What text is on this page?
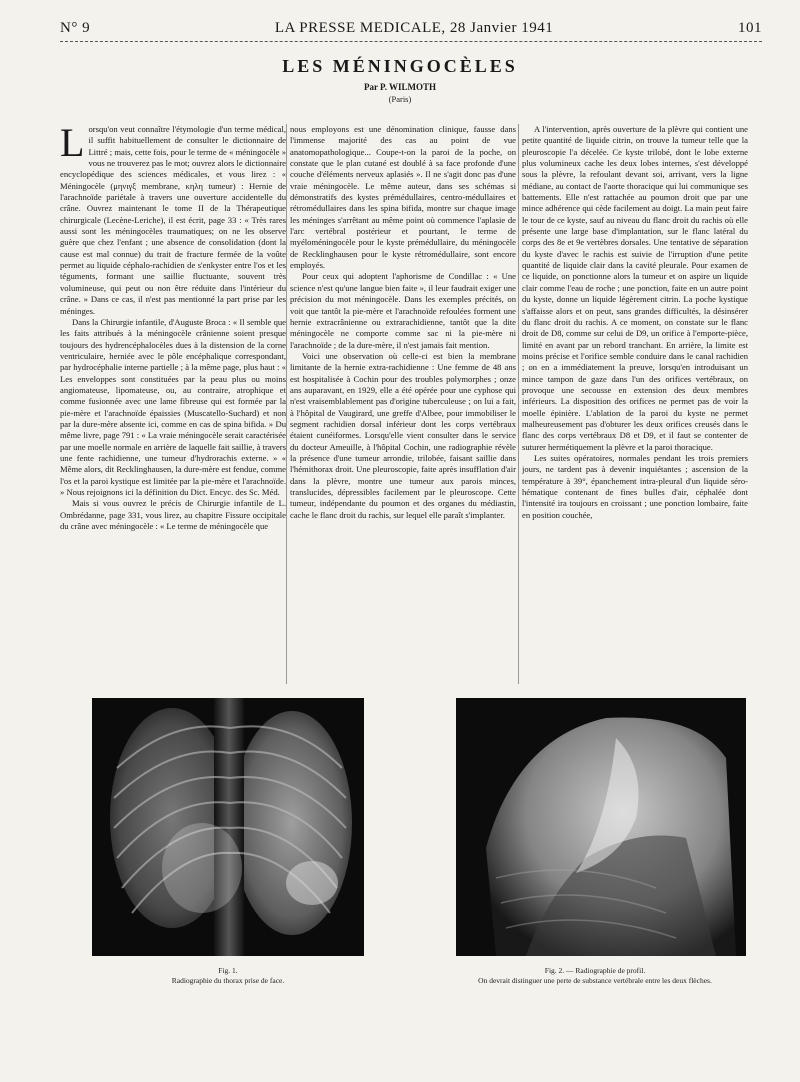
N° 9	LA PRESSE MEDICALE, 28 Janvier 1941	101
LES MÉNINGOCÈLES
Par P. WILMOTH
(Paris)

Lorsqu'on veut connaître l'étymologie d'un terme médical, il suffit habituellement de consulter le dictionnaire de Littré ; mais, cette fois, pour le terme de « méningocèle » vous ne trouverez pas le mot; ouvrez alors le dictionnaire encyclopédique des sciences médicales, et vous lirez : « Méningocèle (μηνιγξ membrane, κηλη tumeur) : Hernie de l'arachnoïde pariétale à travers une ouverture accidentelle du crâne. Ouvrez maintenant le tome II de la Thérapeutique chirurgicale (Lecène-Leriche), il est écrit, page 33 : « Très rares aussi sont les méningocèles traumatiques; on ne les observe guère que chez l'enfant ; une absence de consolidation (dont la cause est mal connue) du trait de fracture fermée de la voûte permet au liquide céphalo-rachidien de s'enkyster entre l'os et les téguments, formant une saillie fluctuante, souvent très volumineuse, qui peut ou non être réduite dans l'intérieur du crâne. » Dans ce cas, il n'est pas mentionné la part prise par les méninges.

Dans la Chirurgie infantile, d'Auguste Broca : « Il semble que les faits attribués à la méningocèle crânienne soient presque toujours des hydrencéphalocèles dues à la distension de la corne ventriculaire, herniée avec le pôle encéphalique correspondant, par hydrocéphalie interne partielle ; à la même page, plus haut : « Les enveloppes sont constituées par la peau plus ou moins angiomateuse, lipomateuse, ou, au contraire, atrophique et comme fusionnée avec une lame fibreuse qui est formée par la pie-mère et l'arachnoïde épaissies (Muscatello-Suchard) et non par la dure-mère absente ici, comme en cas de spina bifida. » Du même livre, page 791 : « La vraie méningocèle serait caractérisée par une moelle normale en arrière de laquelle fait saillie, à travers une fente rachidienne, une tumeur d'hydrorachis externe. » « Même alors, dit Recklinghausen, la dure-mère est fendue, comme l'os et la paroi kystique est limitée par la pie-mère et l'arachnoïde. » Nous rejoignons ici la définition du Dict. Encyc. des Sc. Méd.

Mais si vous ouvrez le précis de Chirurgie infantile de L. Ombrédanne, page 331, vous lirez, au chapitre Fissure occipitale du crâne avec méningocèle : « Le terme de méningocèle que

nous employons est une dénomination clinique, fausse dans l'immense majorité des cas au point de vue anatomopathologique... Coupe-t-on la paroi de la poche, on constate que le plan cutané est doublé à sa face profonde d'une couche d'éléments nerveux aplasiés ». Il ne s'agit donc pas d'une vraie méningocèle. Le même auteur, dans ses schémas si démonstratifs des kystes prémédullaires, centro-médullaires et rétromédullaires dans les spina bifida, montre sur chaque image les méninges s'arrêtant au même point où commence l'aplasie de l'arc vertébral postérieur et pourtant, le terme de myéloméningocèle pour le kyste prémédullaire, du méningocèle de Recklinghausen pour le kyste rétromédullaire, sont encore employés.

Pour ceux qui adoptent l'aphorisme de Condillac : « Une science n'est qu'une langue bien faite », il leur faudrait exiger une précision du mot méningocèle. Dans les exemples précités, on voit que tantôt la pie-mère et l'arachnoïde refoulées forment une hernie extracrânienne ou extrarachidienne, tantôt que la dite méningocèle ne comporte comme sac ni la pie-mère ni l'arachnoïde ; de la dure-mère, il n'est jamais fait mention.

Voici une observation où celle-ci est bien la membrane limitante de la hernie extra-rachidienne : Une femme de 48 ans est hospitalisée à Cochin pour des troubles polymorphes ; onze ans auparavant, en 1929, elle a été opérée pour une cyphose qui n'est vraisemblablement pas d'origine tuberculeuse ; on lui a fait, à l'hôpital de Vaugirard, une greffe d'Albee, pour immobiliser le segment rachidien dorsal inférieur dont les corps vertébraux étaient cunéiformes. Lorsqu'elle vient consulter dans le service du docteur Ameuille, à l'hôpital Cochin, une radiographie révèle la présence d'une tumeur arrondie, trilobée, faisant saillie dans l'hémithorax droit. Une pleuroscopie, faite après insufflation d'air dans la plèvre, montre une tumeur aux parois minces, translucides, dépressibles facilement par le pleuroscope. Cette tumeur, indépendante du poumon et des organes du médiastin, cache le flanc droit du rachis, sur lequel elle paraît s'implanter.

A l'intervention, après ouverture de la plèvre qui contient une petite quantité de liquide citrin, on trouve la tumeur telle que la pleuroscopie l'a décelée. Ce kyste trilobé, dont le lobe externe plus volumineux cache les deux lobes internes, s'est développé sous la plèvre, la refoulant devant soi, arrivant, vers la ligne médiane, au contact de l'aorte thoracique qui lui communique ses battements. Elle n'est rattachée au poumon droit que par une mince adhérence qui cède facilement au doigt. La main peut faire le tour de ce kyste, sauf au niveau du flanc droit du rachis où elle présente une large base d'implantation, sur le flanc latéral du corps des 8e et 9e vertèbres dorsales. Une tentative de séparation du kyste d'avec le rachis est suivie de l'irruption d'une petite quantité de liquide clair dans la cavité pleurale. Pour examen de ce liquide, on ponctionne alors la tumeur et on aspire un liquide clair comme l'eau de roche ; une ponction, faite en un autre point du kyste, donne un liquide légèrement citrin. La poche kystique s'affaisse alors et on peut, sans grandes difficultés, la désinsérer du flanc droit du rachis. A ce moment, on constate sur le flanc droit de D8, comme sur celui de D9, un orifice à l'emporte-pièce, limité en avant par un rebord tranchant. En arrière, la limite est moins précise et l'orifice semble conduire dans le canal rachidien ; on en a immédiatement la preuve, lorsqu'en introduisant un mince tampon de gaze dans l'un des orifices vertébraux, on provoque une secousse en extension des deux membres inférieurs. La disposition des orifices ne permet pas de voir la moelle épinière. L'ablation de la paroi du kyste ne permet malheureusement pas d'obturer les deux orifices creusés dans le flanc des corps vertébraux D8 et D9, et il faut se contenter de suturer hermétiquement la plèvre et la paroi thoracique.

Les suites opératoires, normales pendant les trois premiers jours, ne tardent pas à devenir inquiétantes ; ascension de la température à 39°, épanchement intra-pleural d'un liquide séro-hématique contenant de fines bulles d'air, céphalée dont l'intensité ira toujours en croissant ; une ponction lombaire, faite en position couchée,

Fig. 1.
Radiographie du thorax prise de face.
Fig. 2. — Radiographie de profil.
On devrait distinguer une perte de substance vertébrale entre les deux flèches.
